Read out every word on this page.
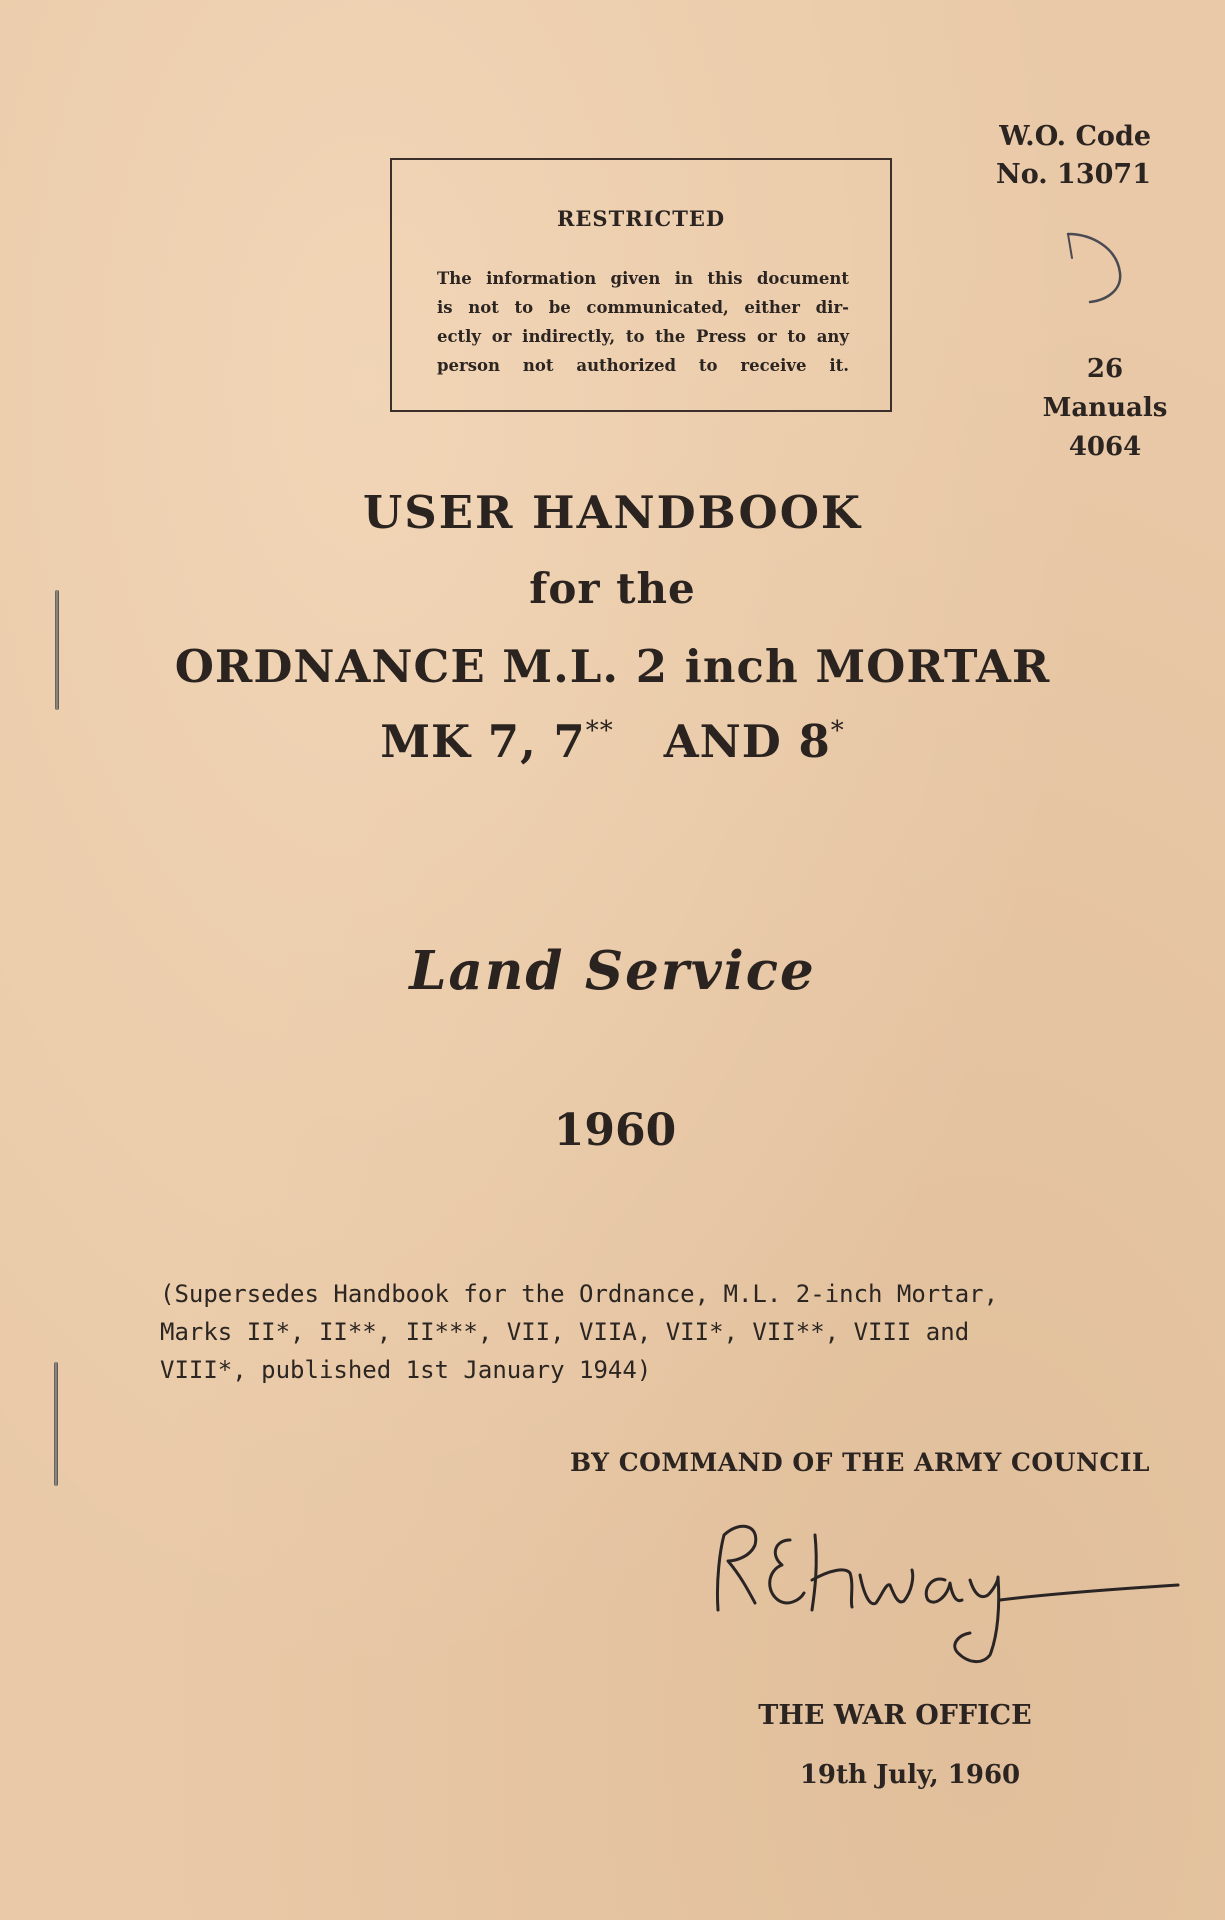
W.O. Code
No. 13071
26
Manuals
4064
RESTRICTED
The information given in this document
is not to be communicated, either dir-
ectly or indirectly, to the Press or to any
person not authorized to receive it.
USER HANDBOOK
for the
ORDNANCE M.L. 2 inch MORTAR
MK 7, 7** AND 8*
Land Service
1960
(Supersedes Handbook for the Ordnance, M.L. 2-inch Mortar,
Marks II*, II**, II***, VII, VIIA, VII*, VII**, VIII and
VIII*, published 1st January 1944)
BY COMMAND OF THE ARMY COUNCIL
THE WAR OFFICE
19th July, 1960
